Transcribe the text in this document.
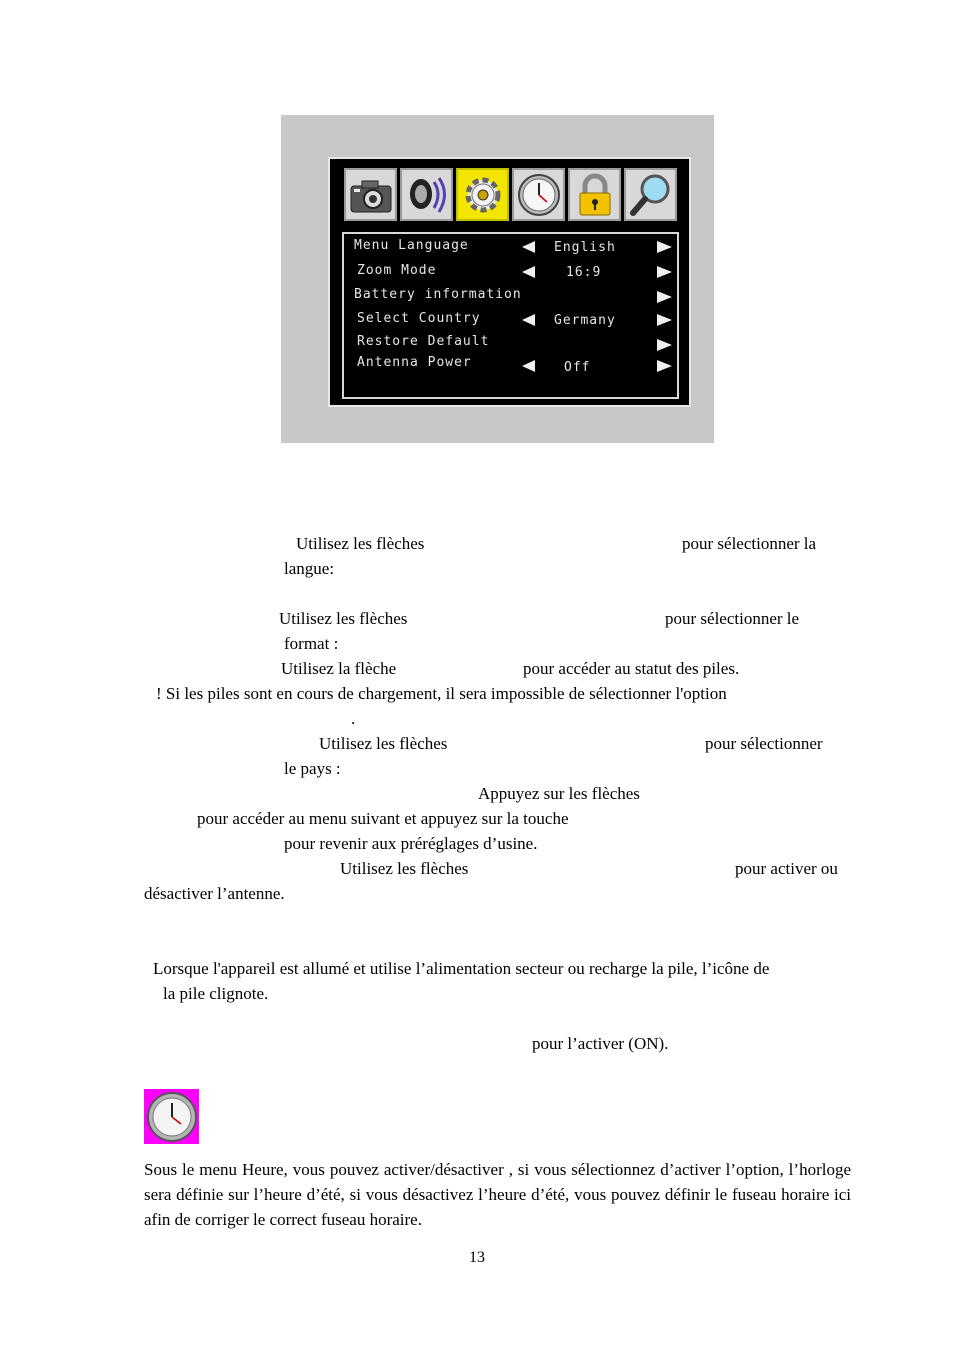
Menu Language	English
Zoom Mode	16:9
Battery information
Select Country	Germany
Restore Default
Antenna Power	Off
Utilisez les flèches	pour sélectionner la
langue:
Utilisez les flèches	pour sélectionner le
format :
Utilisez la flèche	pour accéder au statut des piles.
! Si les piles sont en cours de chargement, il sera impossible de sélectionner l'option
.
Utilisez les flèches	pour sélectionner
le pays :
Appuyez sur les flèches
pour accéder au menu suivant et appuyez sur la touche
pour revenir aux préréglages d’usine.
Utilisez les flèches	pour activer ou
désactiver l’antenne.
Lorsque l'appareil est allumé et utilise l’alimentation secteur ou recharge la pile, l’icône de
la pile clignote.
pour l’activer (ON).
Sous le menu Heure, vous pouvez activer/désactiver , si vous sélectionnez d’activer l’option, l’horloge sera définie sur l’heure d’été, si vous désactivez l’heure d’été, vous pouvez définir le fuseau horaire ici afin de corriger le correct fuseau horaire.
13
